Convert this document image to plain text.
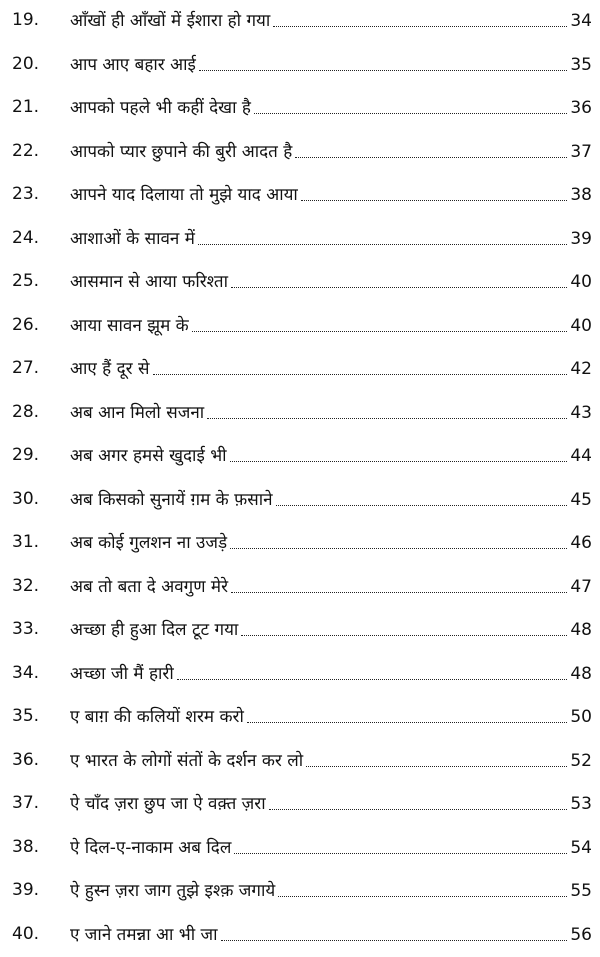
19. आँखों ही आँखों में ईशारा हो गया	34
20. आप आए बहार आई	35
21. आपको पहले भी कहीं देखा है	36
22. आपको प्यार छुपाने की बुरी आदत है	37
23. आपने याद दिलाया तो मुझे याद आया	38
24. आशाओं के सावन में	39
25. आसमान से आया फरिश्ता	40
26. आया सावन झूम के	40
27. आए हैं दूर से	42
28. अब आन मिलो सजना	43
29. अब अगर हमसे खुदाई भी	44
30. अब किसको सुनायें ग़म के फ़साने	45
31. अब कोई गुलशन ना उजड़े	46
32. अब तो बता दे अवगुण मेरे	47
33. अच्छा ही हुआ दिल टूट गया	48
34. अच्छा जी मैं हारी	48
35. ए बाग़ की कलियों शरम करो	50
36. ए भारत के लोगों संतों के दर्शन कर लो	52
37. ऐ चाँद ज़रा छुप जा ऐ वक़्त ज़रा	53
38. ऐ दिल-ए-नाकाम अब दिल	54
39. ऐ हुस्न ज़रा जाग तुझे इश्क़ जगाये	55
40. ए जाने तमन्ना आ भी जा	56
